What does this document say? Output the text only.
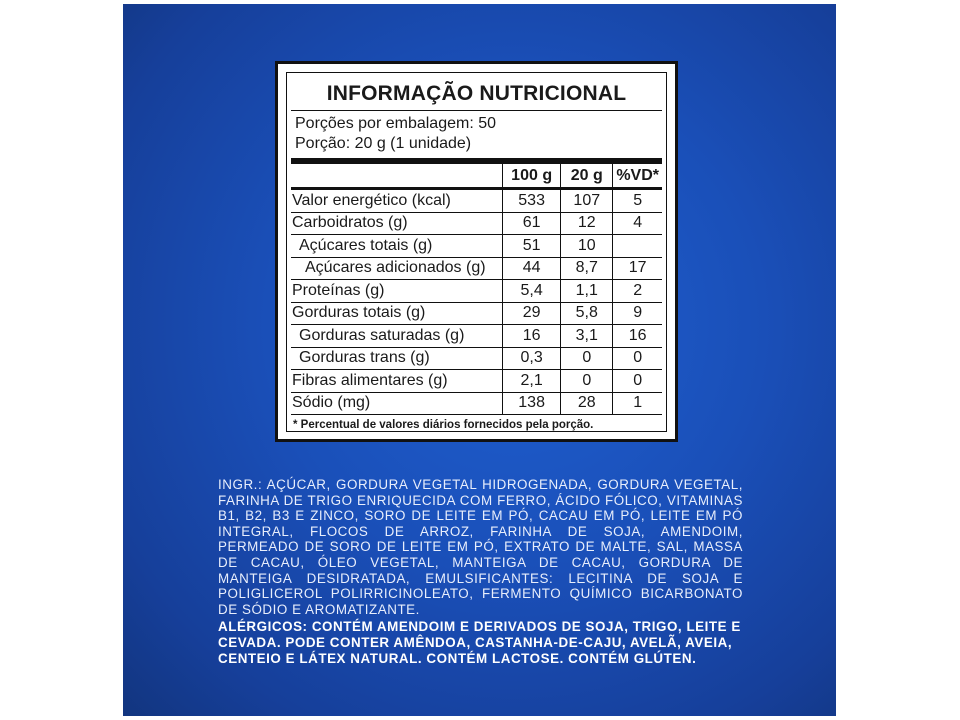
INFORMAÇÃO NUTRICIONAL
Porções por embalagem: 50
Porção: 20 g (1 unidade)
	100 g	20 g	%VD*
Valor energético (kcal)	533	107	5
Carboidratos (g)	61	12	4
Açúcares totais (g)	51	10	
Açúcares adicionados (g)	44	8,7	17
Proteínas (g)	5,4	1,1	2
Gorduras totais (g)	29	5,8	9
Gorduras saturadas (g)	16	3,1	16
Gorduras trans (g)	0,3	0	0
Fibras alimentares (g)	2,1	0	0
Sódio (mg)	138	28	1
* Percentual de valores diários fornecidos pela porção.
INGR.: AÇÚCAR, GORDURA VEGETAL HIDROGENADA, GORDURA VEGETAL, FARINHA DE TRIGO ENRIQUECIDA COM FERRO, ÁCIDO FÓLICO, VITAMINAS B1, B2, B3 E ZINCO, SORO DE LEITE EM PÓ, CACAU EM PÓ, LEITE EM PÓ INTEGRAL, FLOCOS DE ARROZ, FARINHA DE SOJA, AMENDOIM, PERMEADO DE SORO DE LEITE EM PÓ, EXTRATO DE MALTE, SAL, MASSA DE CACAU, ÓLEO VEGETAL, MANTEIGA DE CACAU, GORDURA DE MANTEIGA DESIDRATADA, EMULSIFICANTES: LECITINA DE SOJA E POLIGLICEROL POLIRRICINOLEATO, FERMENTO QUÍMICO BICARBONATO DE SÓDIO E AROMATIZANTE.
ALÉRGICOS: CONTÉM AMENDOIM E DERIVADOS DE SOJA, TRIGO, LEITE E CEVADA. PODE CONTER AMÊNDOA, CASTANHA-DE-CAJU, AVELÃ, AVEIA, CENTEIO E LÁTEX NATURAL. CONTÉM LACTOSE. CONTÉM GLÚTEN.
